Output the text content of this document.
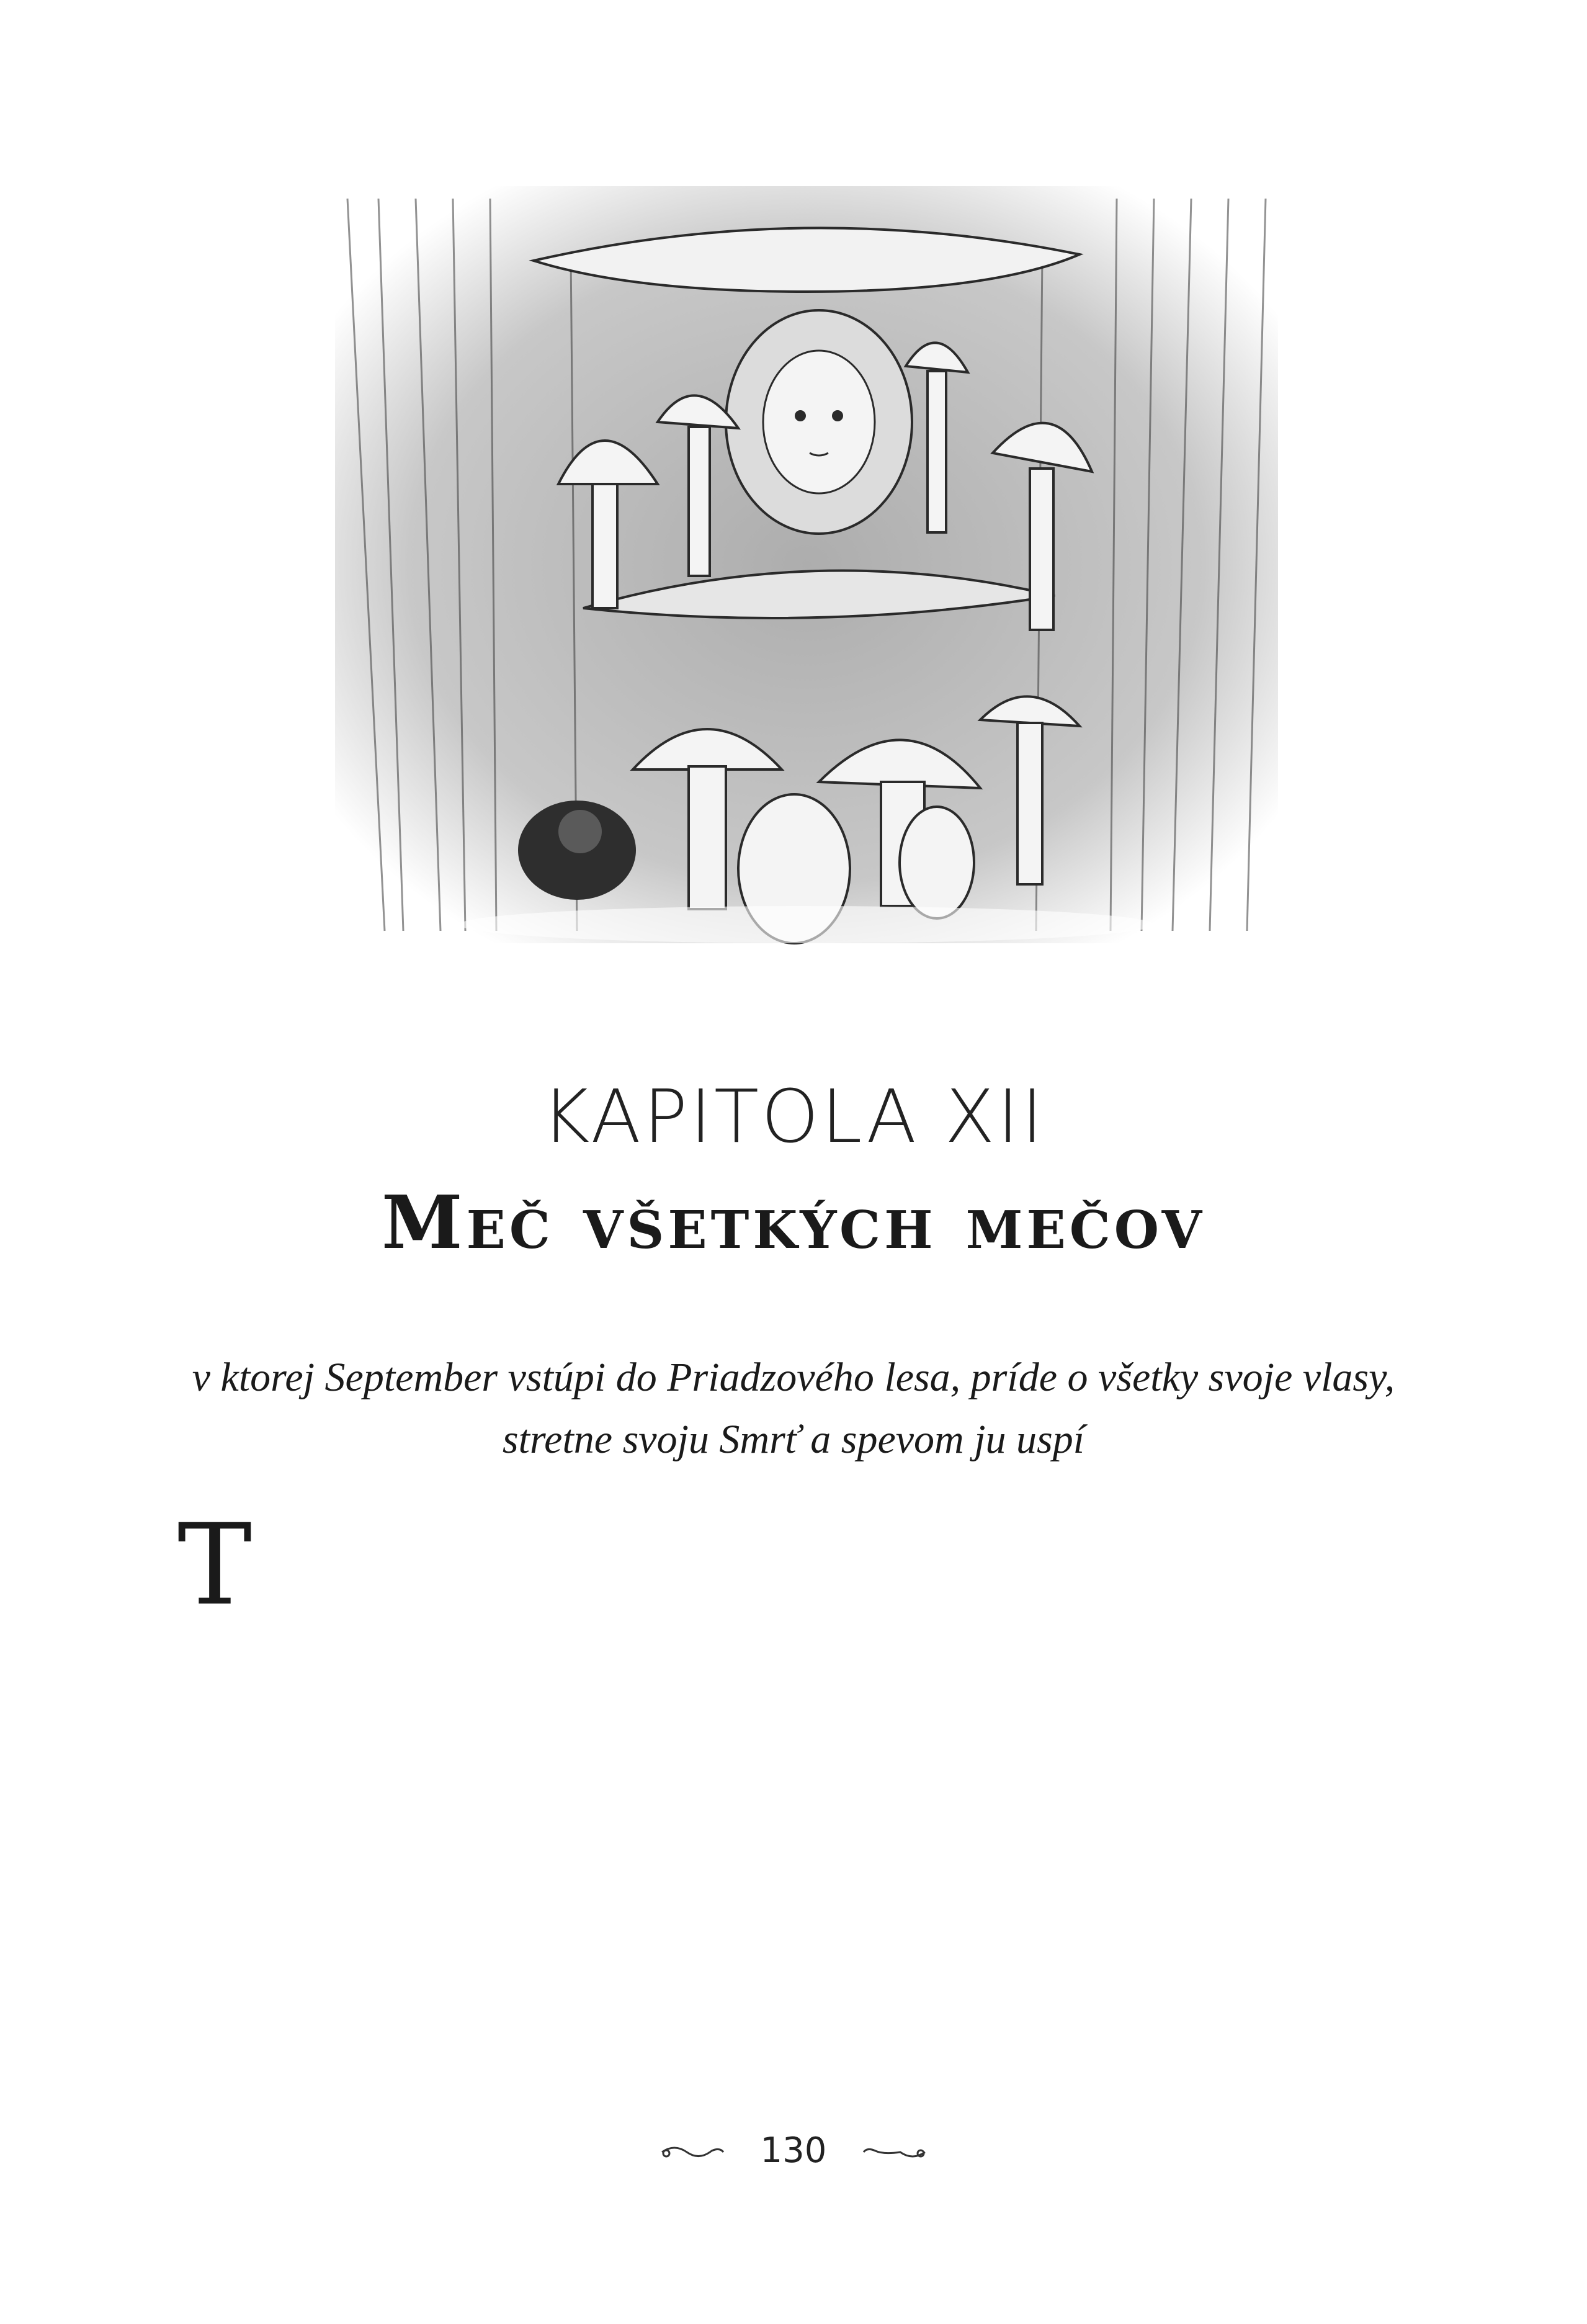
KAPITOLA XII
Meč všetkých mečov
v ktorej September vstúpi do Priadzového lesa, príde o všetky svoje vlasy, stretne svoju Smrť a spevom ju uspí

T

130
